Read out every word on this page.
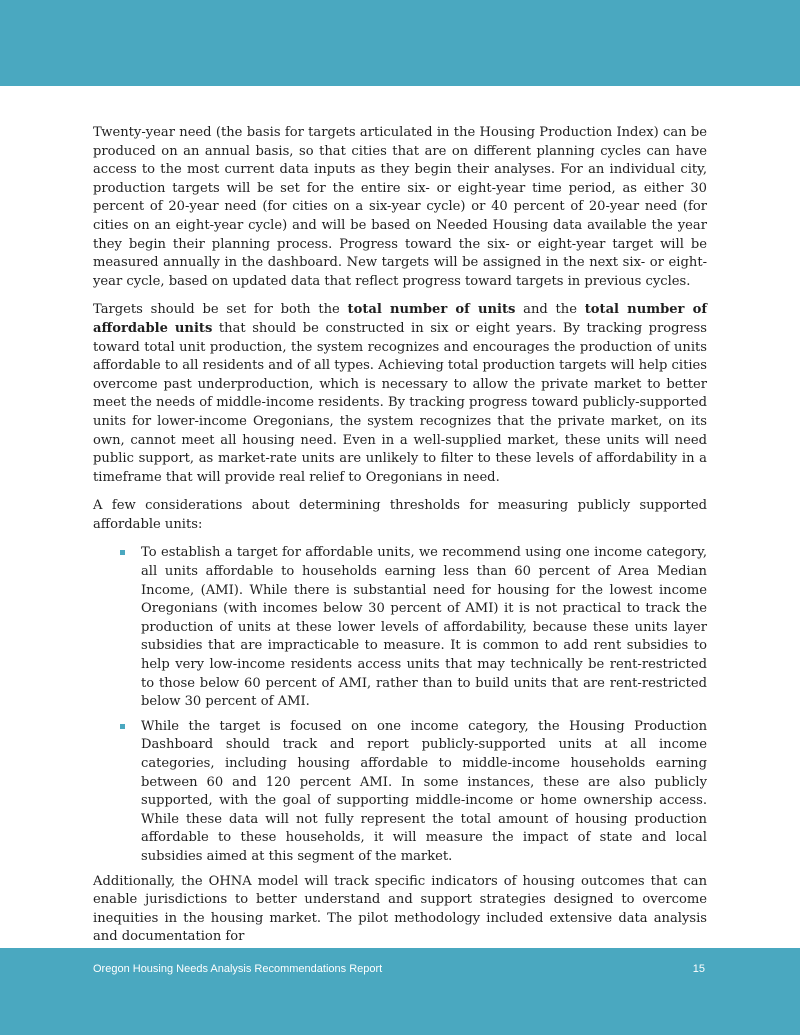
Twenty-year need (the basis for targets articulated in the Housing Production Index) can be produced on an annual basis, so that cities that are on different planning cycles can have access to the most current data inputs as they begin their analyses. For an individual city, production targets will be set for the entire six- or eight-year time period, as either 30 percent of 20-year need (for cities on a six-year cycle) or 40 percent of 20-year need (for cities on an eight-year cycle) and will be based on Needed Housing data available the year they begin their planning process. Progress toward the six- or eight-year target will be measured annually in the dashboard. New targets will be assigned in the next six- or eight-year cycle, based on updated data that reflect progress toward targets in previous cycles.

Targets should be set for both the total number of units and the total number of affordable units that should be constructed in six or eight years. By tracking progress toward total unit production, the system recognizes and encourages the production of units affordable to all residents and of all types. Achieving total production targets will help cities overcome past underproduction, which is necessary to allow the private market to better meet the needs of middle-income residents. By tracking progress toward publicly-supported units for lower-income Oregonians, the system recognizes that the private market, on its own, cannot meet all housing need. Even in a well-supplied market, these units will need public support, as market-rate units are unlikely to filter to these levels of affordability in a timeframe that will provide real relief to Oregonians in need.

A few considerations about determining thresholds for measuring publicly supported affordable units:

To establish a target for affordable units, we recommend using one income category, all units affordable to households earning less than 60 percent of Area Median Income, (AMI). While there is substantial need for housing for the lowest income Oregonians (with incomes below 30 percent of AMI) it is not practical to track the production of units at these lower levels of affordability, because these units layer subsidies that are impracticable to measure. It is common to add rent subsidies to help very low-income residents access units that may technically be rent-restricted to those below 60 percent of AMI, rather than to build units that are rent-restricted below 30 percent of AMI.
While the target is focused on one income category, the Housing Production Dashboard should track and report publicly-supported units at all income categories, including housing affordable to middle-income households earning between 60 and 120 percent AMI. In some instances, these are also publicly supported, with the goal of supporting middle-income or home ownership access. While these data will not fully represent the total amount of housing production affordable to these households, it will measure the impact of state and local subsidies aimed at this segment of the market.

Additionally, the OHNA model will track specific indicators of housing outcomes that can enable jurisdictions to better understand and support strategies designed to overcome inequities in the housing market. The pilot methodology included extensive data analysis and documentation for

Oregon Housing Needs Analysis Recommendations Report	15
